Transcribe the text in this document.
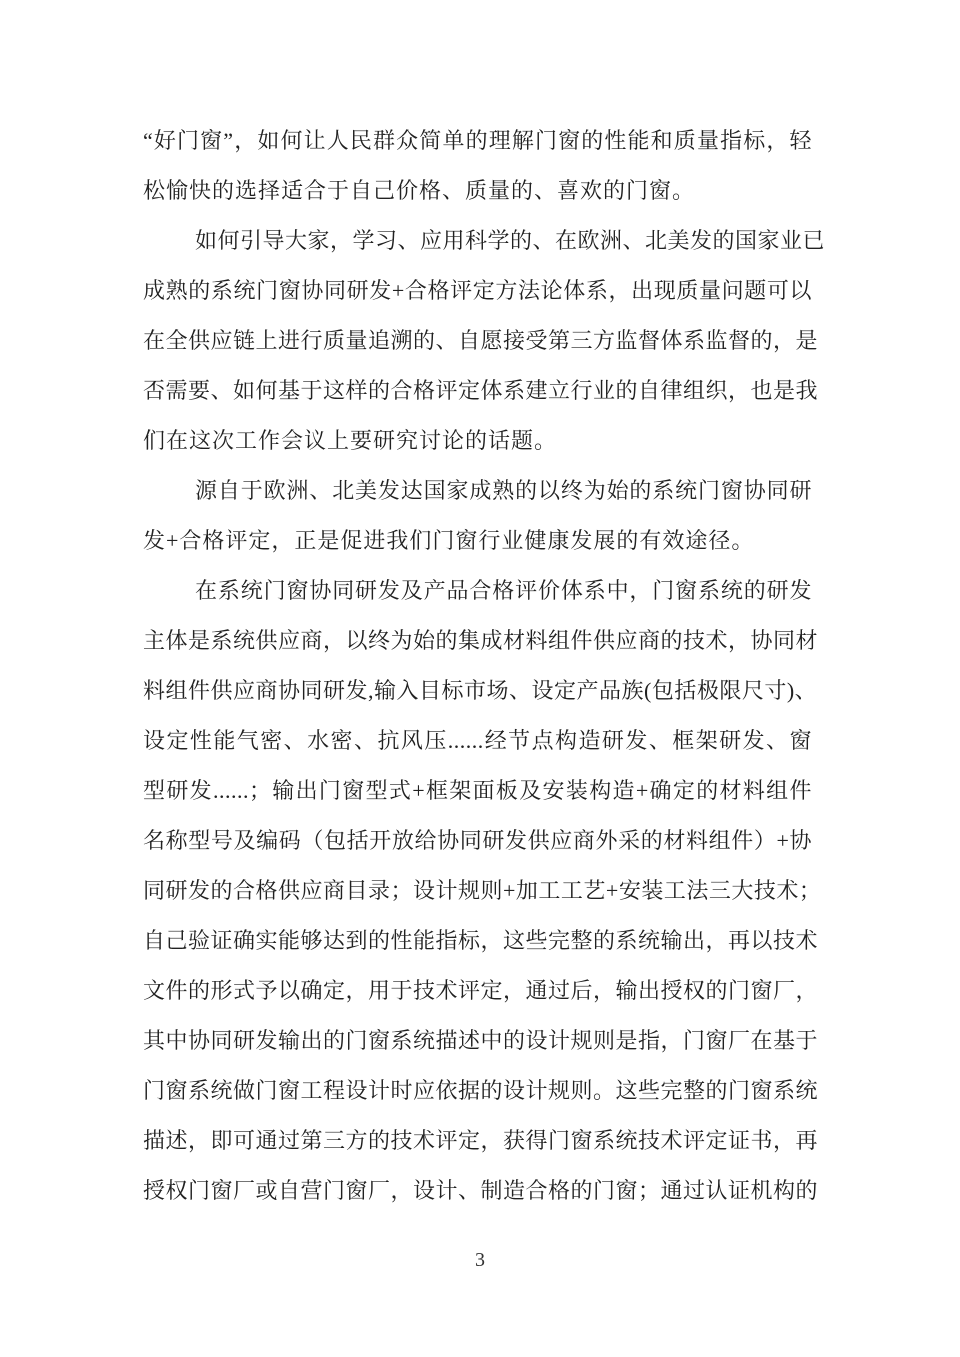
“好门窗”，如何让人民群众简单的理解门窗的性能和质量指标，轻
松愉快的选择适合于自己价格、质量的、喜欢的门窗。
如何引导大家，学习、应用科学的、在欧洲、北美发的国家业已
成熟的系统门窗协同研发+合格评定方法论体系，出现质量问题可以
在全供应链上进行质量追溯的、自愿接受第三方监督体系监督的，是
否需要、如何基于这样的合格评定体系建立行业的自律组织，也是我
们在这次工作会议上要研究讨论的话题。
源自于欧洲、北美发达国家成熟的以终为始的系统门窗协同研
发+合格评定，正是促进我们门窗行业健康发展的有效途径。
在系统门窗协同研发及产品合格评价体系中，门窗系统的研发
主体是系统供应商，以终为始的集成材料组件供应商的技术，协同材
料组件供应商协同研发,输入目标市场、设定产品族(包括极限尺寸)、
设定性能气密、水密、抗风压......经节点构造研发、框架研发、窗
型研发......；输出门窗型式+框架面板及安装构造+确定的材料组件
名称型号及编码（包括开放给协同研发供应商外采的材料组件）+协
同研发的合格供应商目录；设计规则+加工工艺+安装工法三大技术；
自己验证确实能够达到的性能指标，这些完整的系统输出，再以技术
文件的形式予以确定，用于技术评定，通过后，输出授权的门窗厂，
其中协同研发输出的门窗系统描述中的设计规则是指，门窗厂在基于
门窗系统做门窗工程设计时应依据的设计规则。这些完整的门窗系统
描述，即可通过第三方的技术评定，获得门窗系统技术评定证书，再
授权门窗厂或自营门窗厂，设计、制造合格的门窗；通过认证机构的
3
